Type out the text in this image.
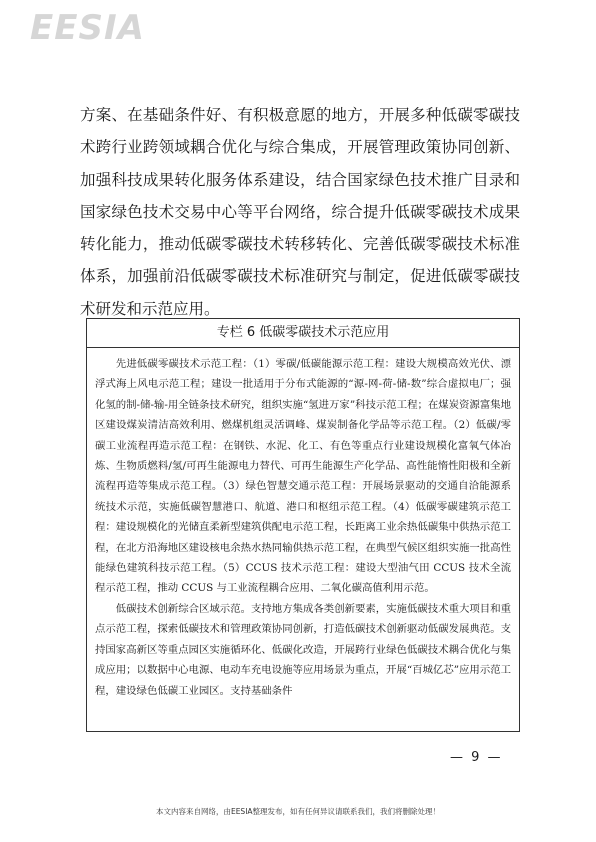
EESIA
方案、在基础条件好、有积极意愿的地方，开展多种低碳零碳技术跨行业跨领域耦合优化与综合集成，开展管理政策协同创新、加强科技成果转化服务体系建设，结合国家绿色技术推广目录和国家绿色技术交易中心等平台网络，综合提升低碳零碳技术成果转化能力，推动低碳零碳技术转移转化、完善低碳零碳技术标准体系，加强前沿低碳零碳技术标准研究与制定，促进低碳零碳技术研发和示范应用。
专栏 6 低碳零碳技术示范应用

先进低碳零碳技术示范工程：（1）零碳/低碳能源示范工程：建设大规模高效光伏、漂浮式海上风电示范工程；建设一批适用于分布式能源的“源-网-荷-储-数”综合虚拟电厂；强化氢的制-储-输-用全链条技术研究，组织实施“氢进万家”科技示范工程；在煤炭资源富集地区建设煤炭清洁高效利用、燃煤机组灵活调峰、煤炭制备化学品等示范工程。（2）低碳/零碳工业流程再造示范工程：在钢铁、水泥、化工、有色等重点行业建设规模化富氧气体冶炼、生物质燃料/氢/可再生能源电力替代、可再生能源生产化学品、高性能惰性阳极和全新流程再造等集成示范工程。（3）绿色智慧交通示范工程：开展场景驱动的交通自洽能源系统技术示范，实施低碳智慧港口、航道、港口和枢纽示范工程。（4）低碳零碳建筑示范工程：建设规模化的光储直柔新型建筑供配电示范工程，长距离工业余热低碳集中供热示范工程，在北方沿海地区建设核电余热水热同输供热示范工程，在典型气候区组织实施一批高性能绿色建筑科技示范工程。（5）CCUS 技术示范工程：建设大型油气田 CCUS 技术全流程示范工程，推动 CCUS 与工业流程耦合应用、二氧化碳高值利用示范。

低碳技术创新综合区域示范。支持地方集成各类创新要素，实施低碳技术重大项目和重点示范工程，探索低碳技术和管理政策协同创新，打造低碳技术创新驱动低碳发展典范。支持国家高新区等重点园区实施循环化、低碳化改造，开展跨行业绿色低碳技术耦合优化与集成应用；以数据中心电源、电动车充电设施等应用场景为重点，开展“百城亿芯”应用示范工程，建设绿色低碳工业园区。支持基础条件

— 9 —
本文内容来自网络，由EESIA整理发布，如有任何异议请联系我们，我们将删除处理！
